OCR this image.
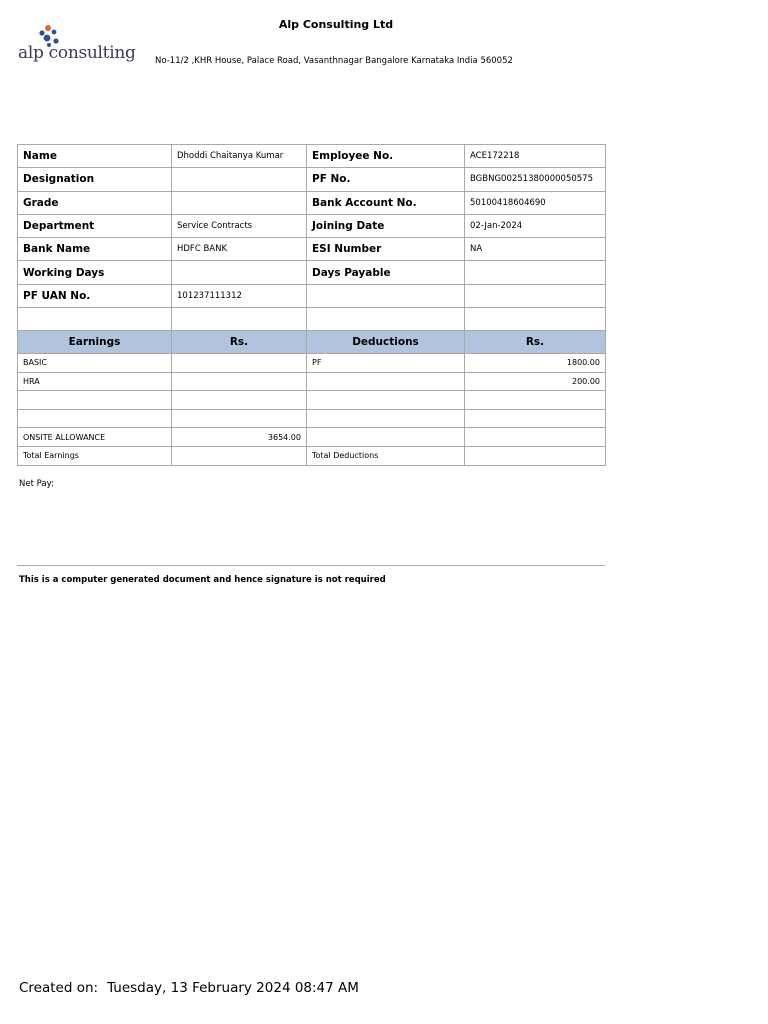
alp consulting
Alp Consulting Ltd
No-11/2 ,KHR House, Palace Road, Vasanthnagar Bangalore Karnataka India 560052
Name	Dhoddi Chaitanya Kumar	Employee No.	ACE172218
Designation		PF No.	BGBNG00251380000050575
Grade		Bank Account No.	50100418604690
Department	Service Contracts	Joining Date	02-Jan-2024
Bank Name	HDFC BANK	ESI Number	NA
Working Days		Days Payable	
PF UAN No.	101237111312		

Earnings	Rs.	Deductions	Rs.
BASIC		PF	1800.00
HRA			200.00

ONSITE ALLOWANCE	3654.00		
Total Earnings		Total Deductions	
Net Pay:
This is a computer generated document and hence signature is not required
Created on: Tuesday, 13 February 2024 08:47 AM
